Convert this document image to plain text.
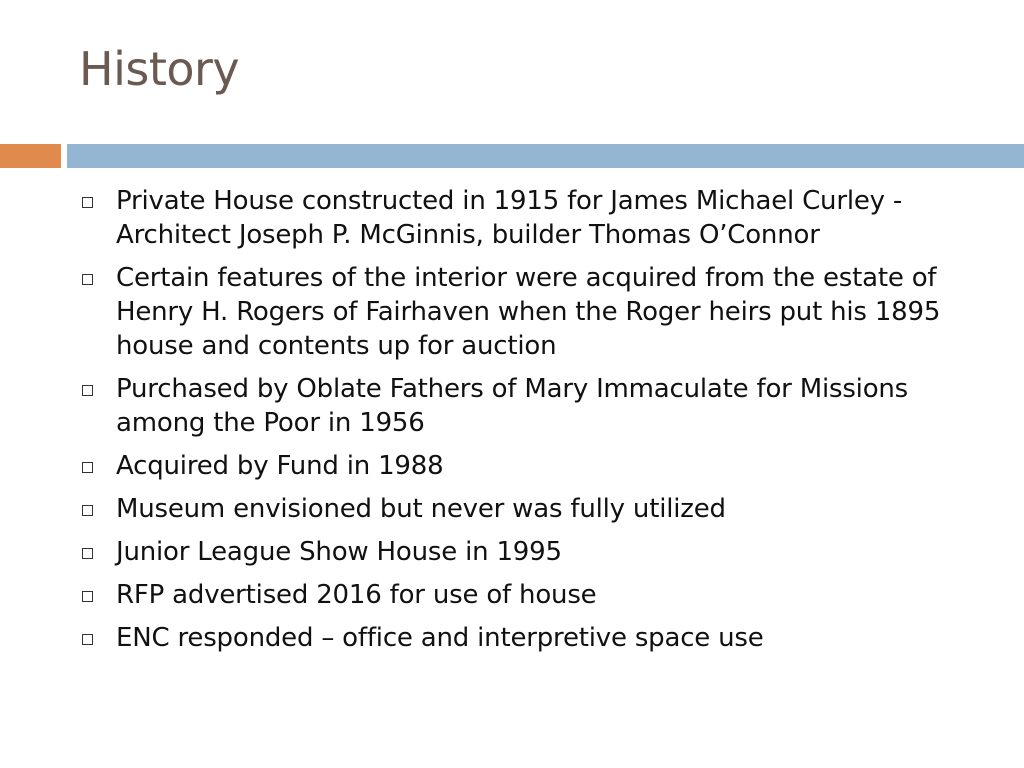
History
Private House constructed in 1915 for James Michael Curley - Architect Joseph P. McGinnis, builder Thomas O’Connor
Certain features of the interior were acquired from the estate of Henry H. Rogers of Fairhaven when the Roger heirs put his 1895 house and contents up for auction
Purchased by Oblate Fathers of Mary Immaculate for Missions among the Poor in 1956
Acquired by Fund in 1988
Museum envisioned but never was fully utilized
Junior League Show House in 1995
RFP advertised 2016 for use of house
ENC responded – office and interpretive space use
